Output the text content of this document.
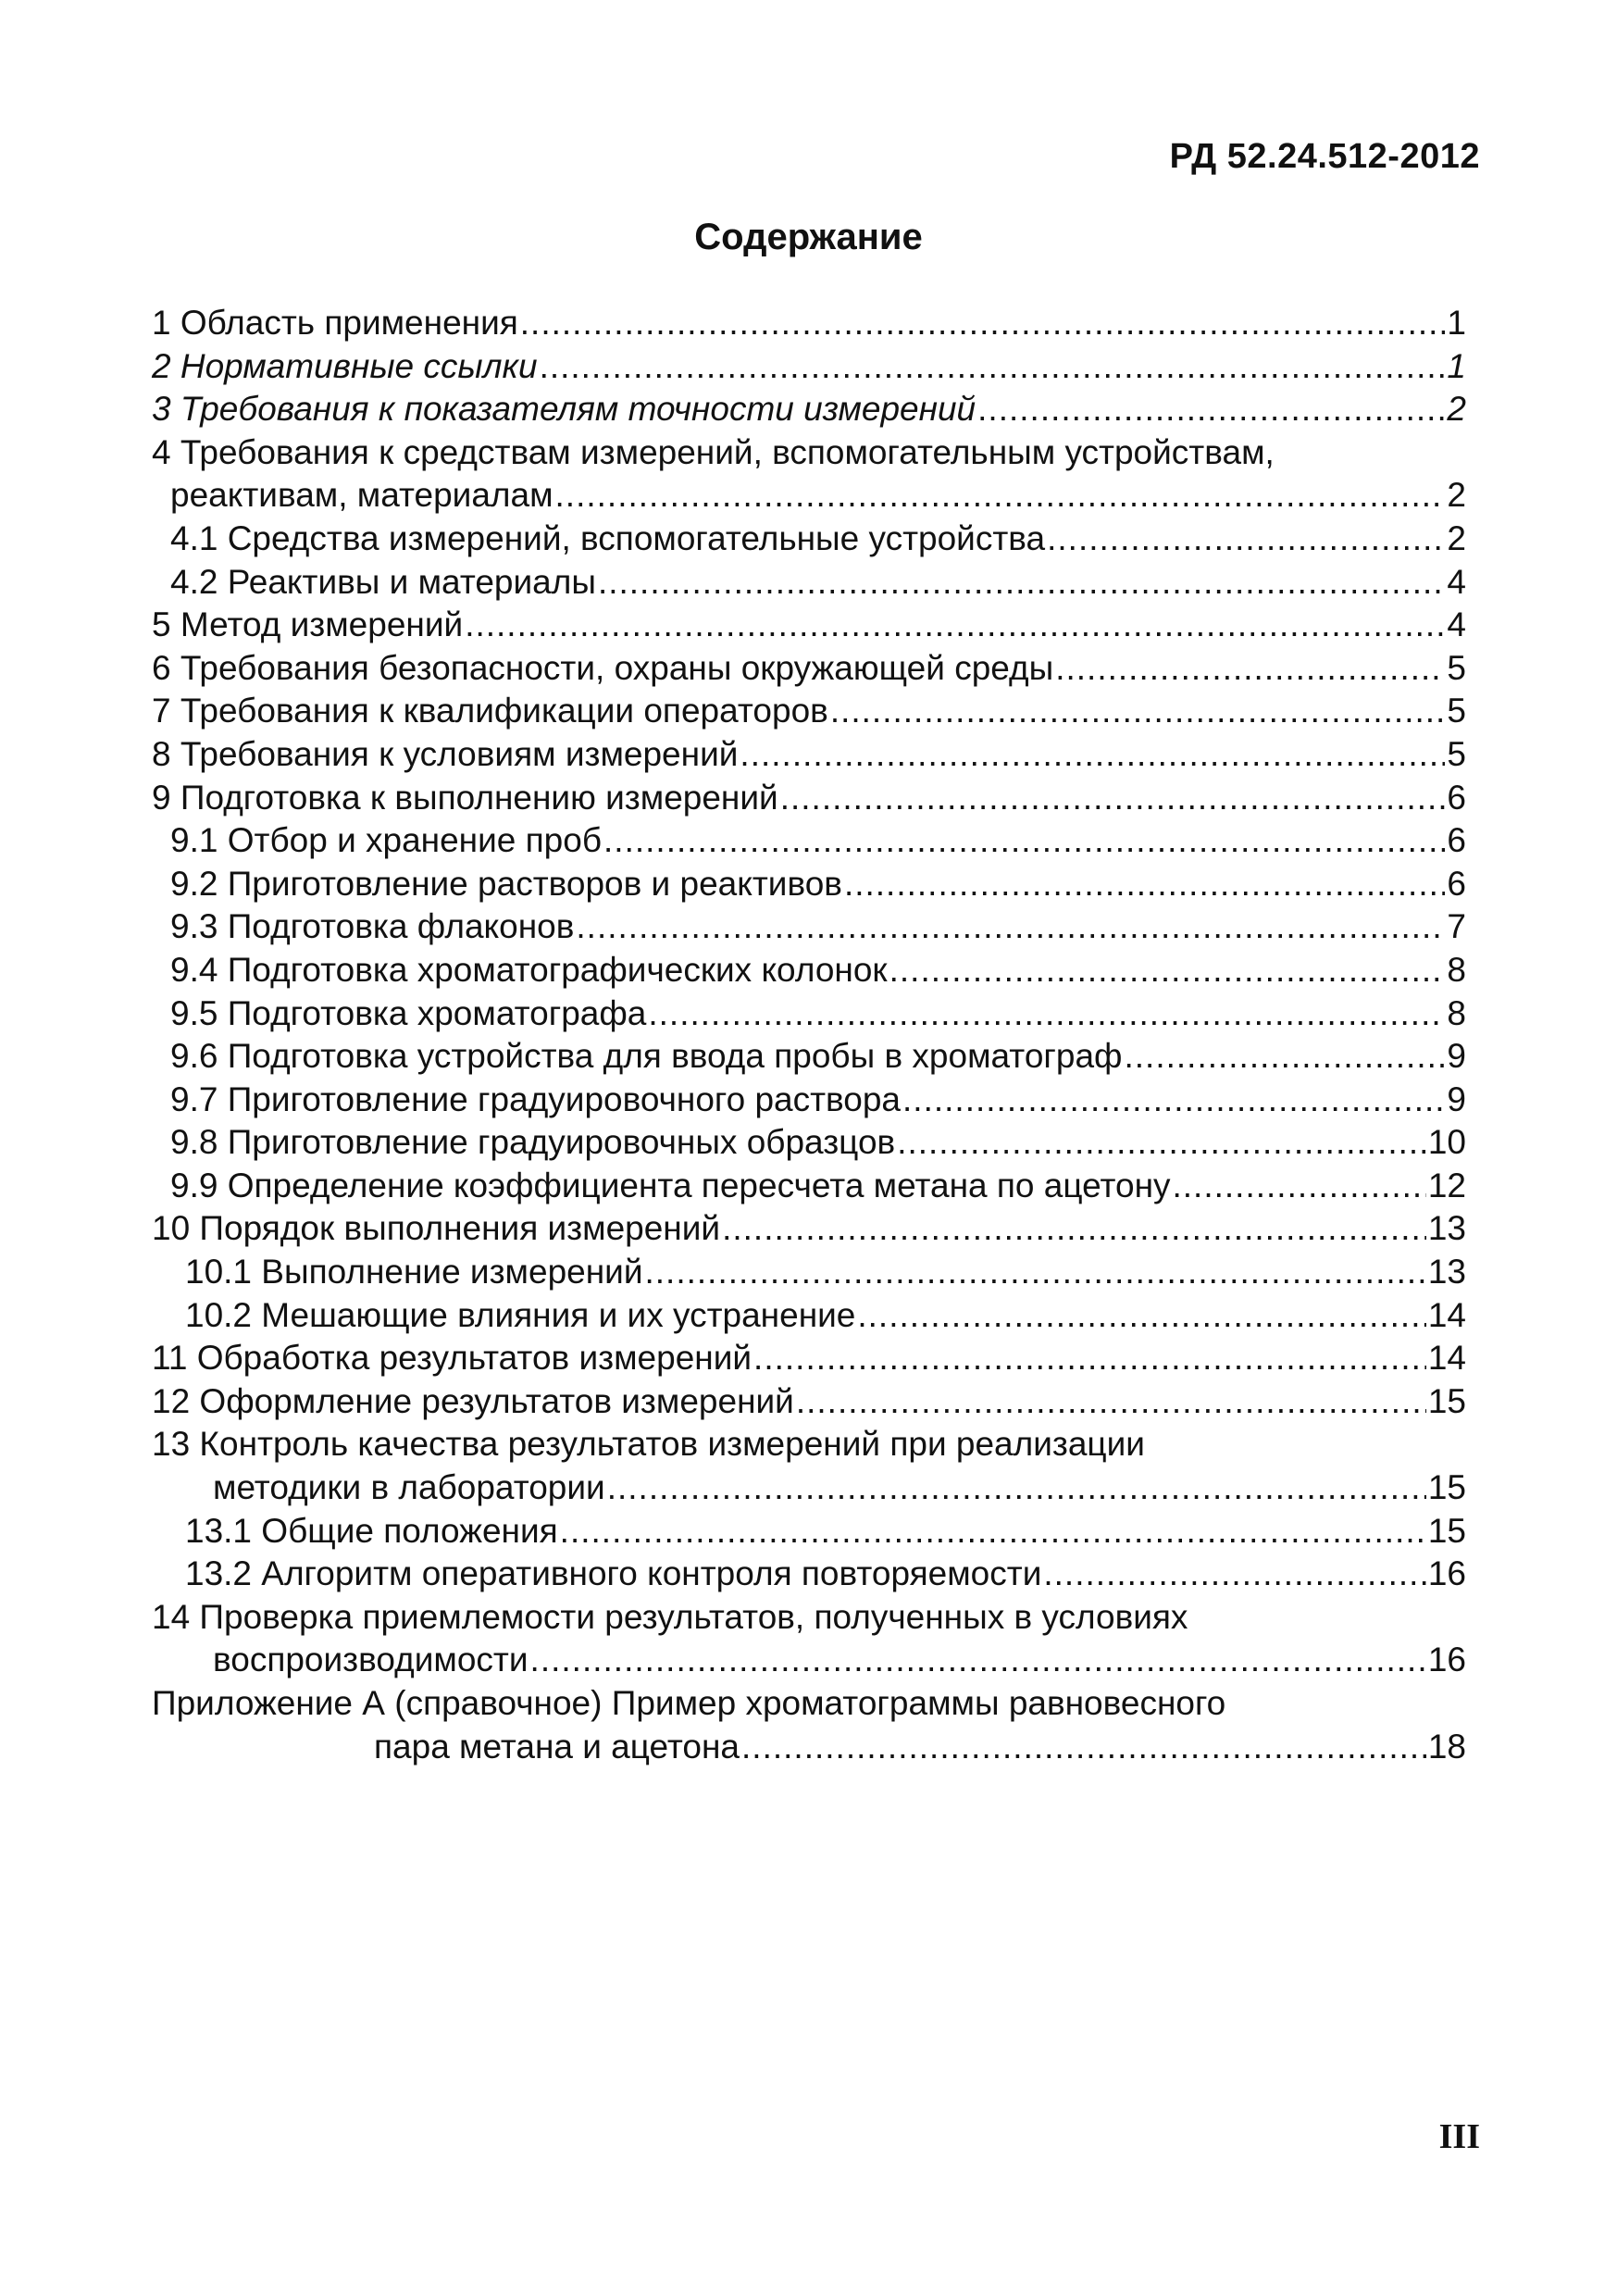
РД 52.24.512-2012
Содержание
1 Область применения .....	1
2 Нормативные ссылки .....	1
3 Требования к показателям точности измерений .....	2
4 Требования к средствам измерений, вспомогательным устройствам,
реактивам, материалам .....	2
4.1 Средства измерений, вспомогательные устройства .....	2
4.2 Реактивы и материалы .....	4
5 Метод измерений .....	4
6 Требования безопасности, охраны окружающей среды .....	5
7 Требования к квалификации операторов .....	5
8 Требования к условиям измерений .....	5
9 Подготовка к выполнению измерений .....	6
9.1 Отбор и хранение проб .....	6
9.2 Приготовление растворов и реактивов .....	6
9.3 Подготовка флаконов .....	7
9.4 Подготовка хроматографических колонок .....	8
9.5 Подготовка хроматографа .....	8
9.6 Подготовка устройства для ввода пробы в хроматограф .....	9
9.7 Приготовление градуировочного раствора .....	9
9.8 Приготовление градуировочных образцов .....	10
9.9 Определение коэффициента пересчета метана по ацетону .....	12
10 Порядок выполнения измерений .....	13
10.1 Выполнение измерений .....	13
10.2 Мешающие влияния и их устранение .....	14
11 Обработка результатов измерений .....	14
12 Оформление результатов измерений .....	15
13 Контроль качества результатов измерений при реализации
методики в лаборатории .....	15
13.1 Общие положения .....	15
13.2 Алгоритм оперативного контроля повторяемости .....	16
14 Проверка приемлемости результатов, полученных в условиях
воспроизводимости .....	16
Приложение А (справочное) Пример хроматограммы равновесного
пара метана и ацетона .....	18
III
